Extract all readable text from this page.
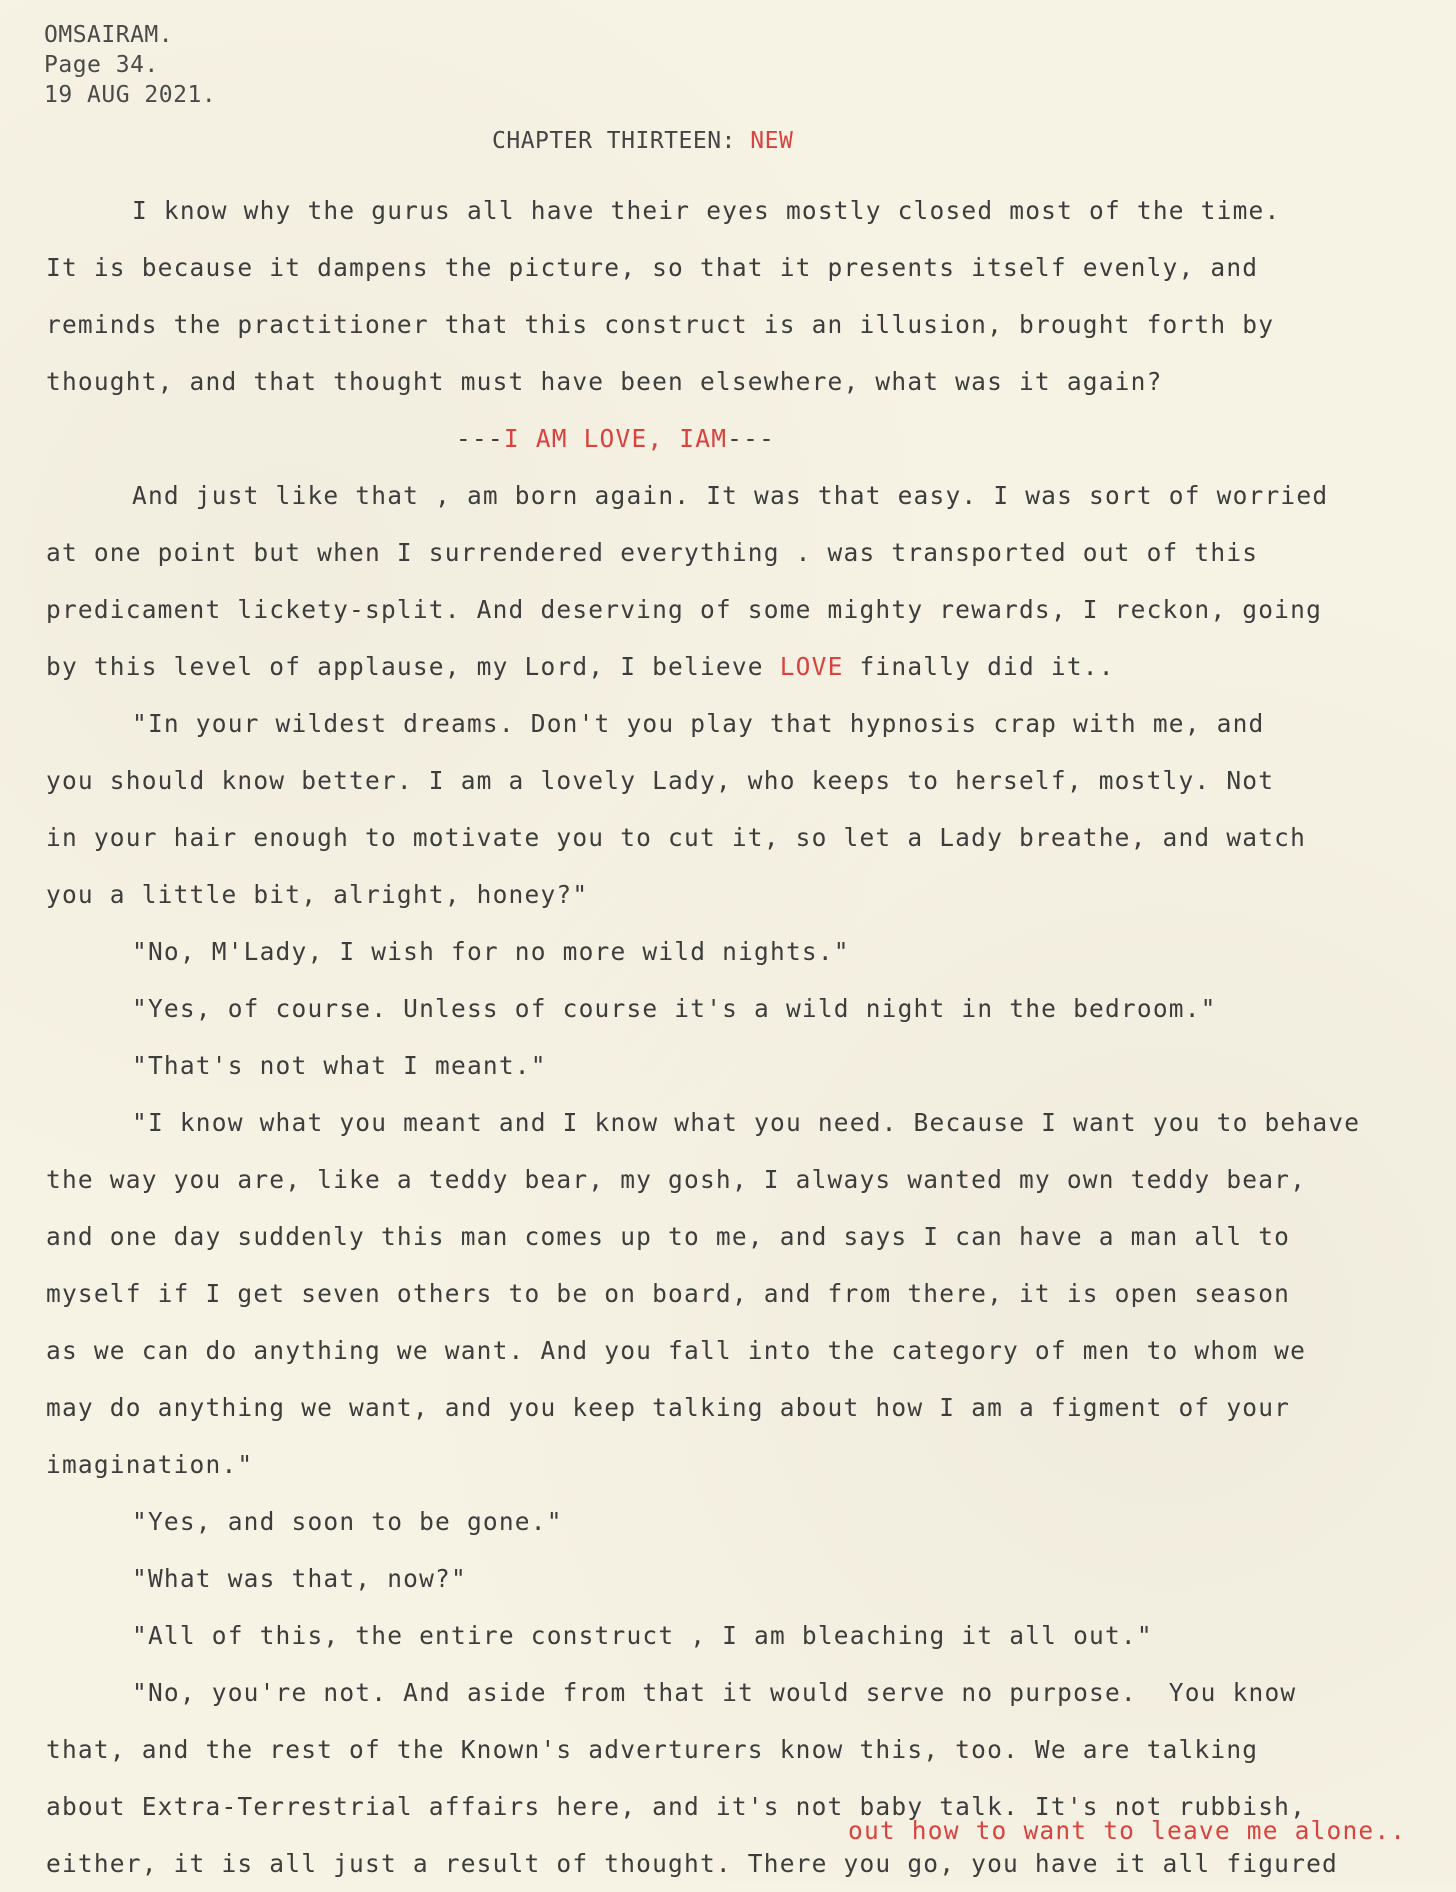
OMSAIRAM.
Page 34.
19 AUG 2021.
CHAPTER THIRTEEN: NEW
I know why the gurus all have their eyes mostly closed most of the time.
It is because it dampens the picture, so that it presents itself evenly, and
reminds the practitioner that this construct is an illusion, brought forth by
thought, and that thought must have been elsewhere, what was it again?
---I AM LOVE, IAM---
And just like that , am born again. It was that easy. I was sort of worried
at one point but when I surrendered everything . was transported out of this
predicament lickety-split. And deserving of some mighty rewards, I reckon, going
by this level of applause, my Lord, I believe LOVE finally did it..
"In your wildest dreams. Don't you play that hypnosis crap with me, and
you should know better. I am a lovely Lady, who keeps to herself, mostly. Not
in your hair enough to motivate you to cut it, so let a Lady breathe, and watch
you a little bit, alright, honey?"
"No, M'Lady, I wish for no more wild nights."
"Yes, of course. Unless of course it's a wild night in the bedroom."
"That's not what I meant."
"I know what you meant and I know what you need. Because I want you to behave
the way you are, like a teddy bear, my gosh, I always wanted my own teddy bear,
and one day suddenly this man comes up to me, and says I can have a man all to
myself if I get seven others to be on board, and from there, it is open season
as we can do anything we want. And you fall into the category of men to whom we
may do anything we want, and you keep talking about how I am a figment of your
imagination."
"Yes, and soon to be gone."
"What was that, now?"
"All of this, the entire construct , I am bleaching it all out."
"No, you're not. And aside from that it would serve no purpose.  You know
that, and the rest of the Known's adverturers know this, too. We are talking
about Extra-Terrestrial affairs here, and it's not baby talk. It's not rubbish,
either, it is all just a result of thought. There you go, you have it all figured
out how to want to leave me alone..
